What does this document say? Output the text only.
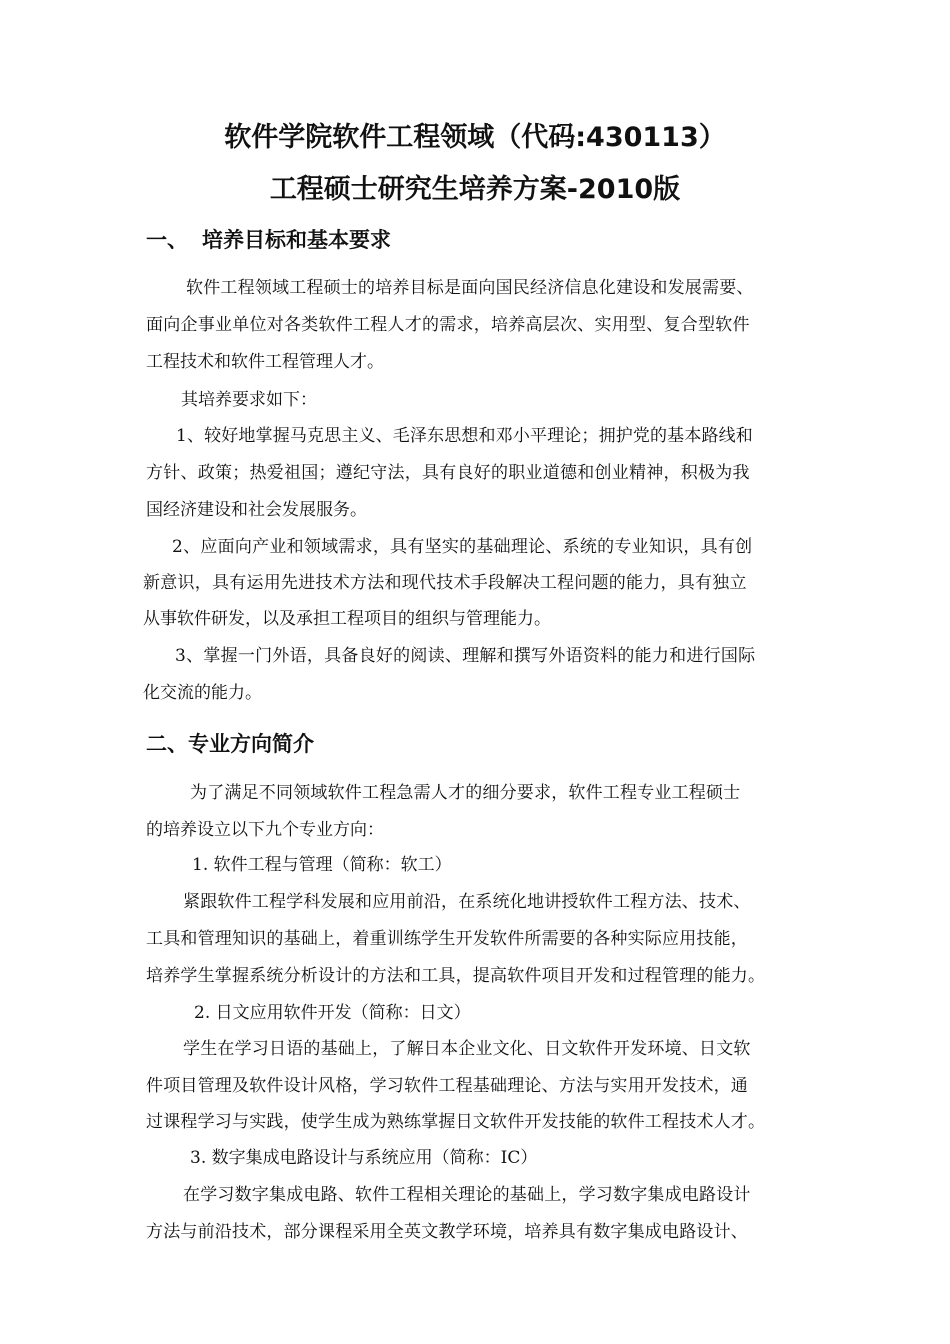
软件学院软件工程领域（代码:430113）
工程硕士研究生培养方案-2010版
一、 培养目标和基本要求
软件工程领域工程硕士的培养目标是面向国民经济信息化建设和发展需要、
面向企事业单位对各类软件工程人才的需求，培养高层次、实用型、复合型软件
工程技术和软件工程管理人才。
其培养要求如下：
1、较好地掌握马克思主义、毛泽东思想和邓小平理论；拥护党的基本路线和
方针、政策；热爱祖国；遵纪守法，具有良好的职业道德和创业精神，积极为我
国经济建设和社会发展服务。
2、应面向产业和领域需求，具有坚实的基础理论、系统的专业知识，具有创
新意识，具有运用先进技术方法和现代技术手段解决工程问题的能力，具有独立
从事软件研发，以及承担工程项目的组织与管理能力。
3、掌握一门外语，具备良好的阅读、理解和撰写外语资料的能力和进行国际
化交流的能力。
二、专业方向简介
为了满足不同领域软件工程急需人才的细分要求，软件工程专业工程硕士
的培养设立以下九个专业方向：
1. 软件工程与管理（简称：软工）
紧跟软件工程学科发展和应用前沿，在系统化地讲授软件工程方法、技术、
工具和管理知识的基础上，着重训练学生开发软件所需要的各种实际应用技能，
培养学生掌握系统分析设计的方法和工具，提高软件项目开发和过程管理的能力。
2. 日文应用软件开发（简称：日文）
学生在学习日语的基础上，了解日本企业文化、日文软件开发环境、日文软
件项目管理及软件设计风格，学习软件工程基础理论、方法与实用开发技术，通
过课程学习与实践，使学生成为熟练掌握日文软件开发技能的软件工程技术人才。
3. 数字集成电路设计与系统应用（简称：IC）
在学习数字集成电路、软件工程相关理论的基础上，学习数字集成电路设计
方法与前沿技术，部分课程采用全英文教学环境，培养具有数字集成电路设计、
